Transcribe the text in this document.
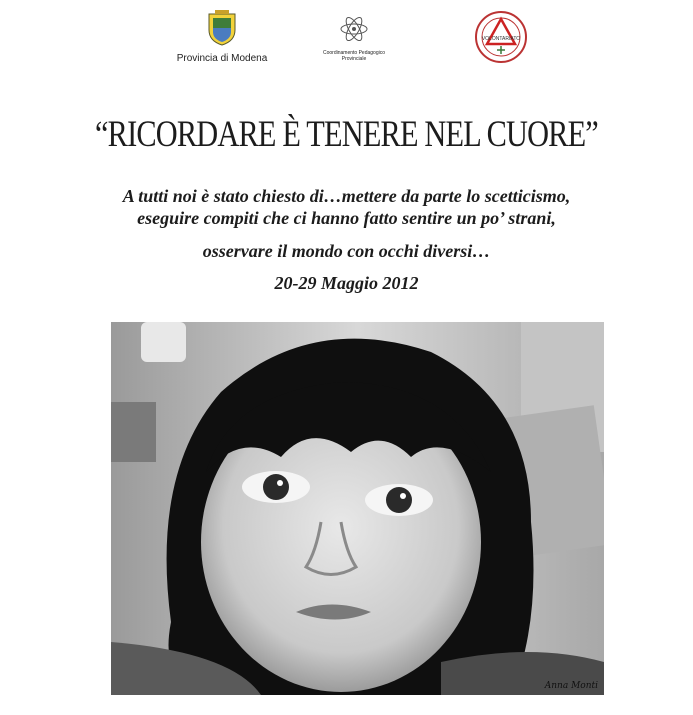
Provincia di Modena	Coordinamento Pedagogico Provinciale
VOLONTARIATO
“RICORDARE È TENERE NEL CUORE”
A tutti noi è stato chiesto di…mettere da parte lo scetticismo,
eseguire compiti che ci hanno fatto sentire un po’ strani,
osservare il mondo con occhi diversi…
20-29 Maggio 2012
Anna Monti
